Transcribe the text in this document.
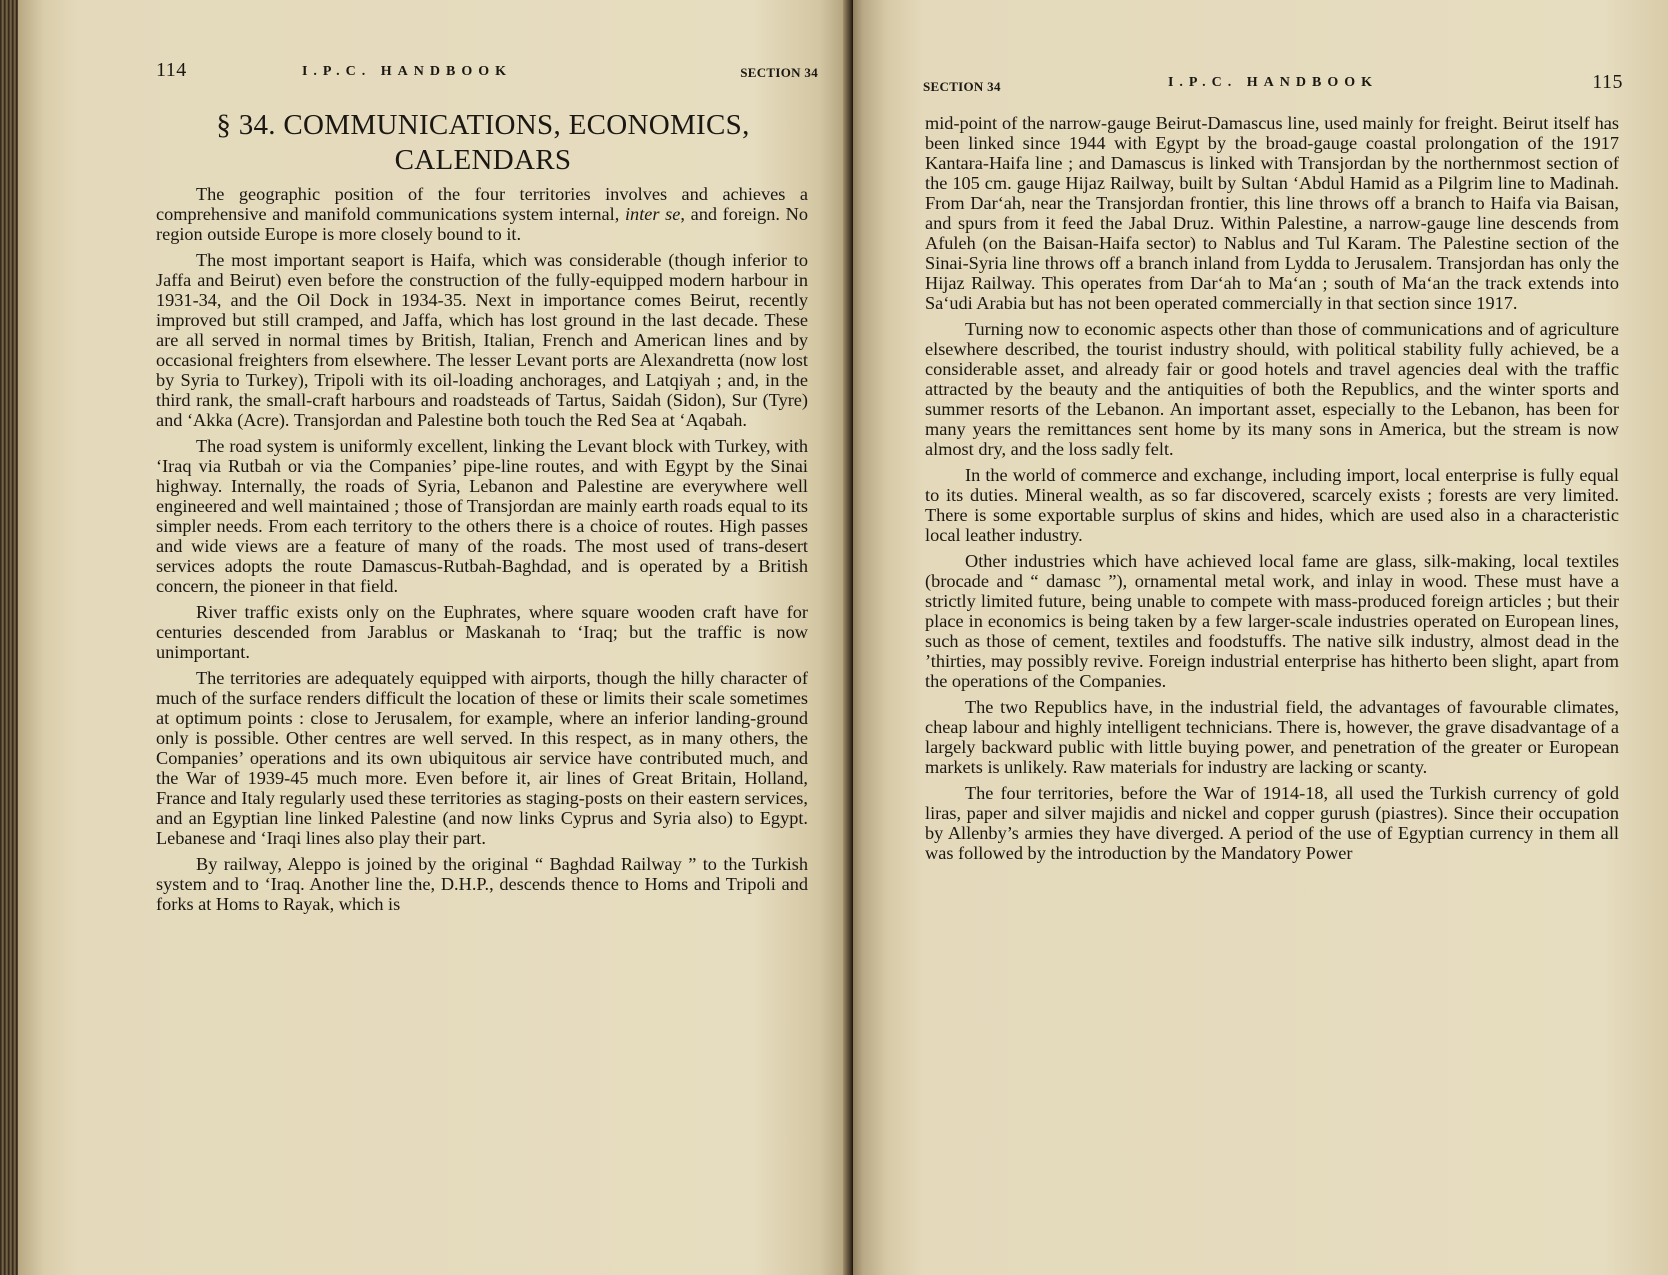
114	I.P.C. HANDBOOK	SECTION 34
§ 34. COMMUNICATIONS, ECONOMICS, CALENDARS

The geographic position of the four territories involves and achieves a comprehensive and manifold communications system internal, inter se, and foreign. No region outside Europe is more closely bound to it.

The most important seaport is Haifa, which was considerable (though inferior to Jaffa and Beirut) even before the construction of the fully-equipped modern harbour in 1931-34, and the Oil Dock in 1934-35. Next in importance comes Beirut, recently improved but still cramped, and Jaffa, which has lost ground in the last decade. These are all served in normal times by British, Italian, French and American lines and by occasional freighters from elsewhere. The lesser Levant ports are Alexandretta (now lost by Syria to Turkey), Tripoli with its oil-loading anchorages, and Latqiyah ; and, in the third rank, the small-craft harbours and roadsteads of Tartus, Saidah (Sidon), Sur (Tyre) and ‘Akka (Acre). Transjordan and Palestine both touch the Red Sea at ‘Aqabah.

The road system is uniformly excellent, linking the Levant block with Turkey, with ‘Iraq via Rutbah or via the Companies’ pipe-line routes, and with Egypt by the Sinai highway. Internally, the roads of Syria, Lebanon and Palestine are everywhere well engineered and well maintained ; those of Transjordan are mainly earth roads equal to its simpler needs. From each territory to the others there is a choice of routes. High passes and wide views are a feature of many of the roads. The most used of trans-desert services adopts the route Damascus-Rutbah-Baghdad, and is operated by a British concern, the pioneer in that field.

River traffic exists only on the Euphrates, where square wooden craft have for centuries descended from Jarablus or Maskanah to ‘Iraq; but the traffic is now unimportant.

The territories are adequately equipped with airports, though the hilly character of much of the surface renders difficult the location of these or limits their scale sometimes at optimum points : close to Jerusalem, for example, where an inferior landing-ground only is possible. Other centres are well served. In this respect, as in many others, the Companies’ operations and its own ubiquitous air service have contributed much, and the War of 1939-45 much more. Even before it, air lines of Great Britain, Holland, France and Italy regularly used these territories as staging-posts on their eastern services, and an Egyptian line linked Palestine (and now links Cyprus and Syria also) to Egypt. Lebanese and ‘Iraqi lines also play their part.

By railway, Aleppo is joined by the original “ Baghdad Railway ” to the Turkish system and to ‘Iraq. Another line the, D.H.P., descends thence to Homs and Tripoli and forks at Homs to Rayak, which is

SECTION 34	I.P.C. HANDBOOK	115

mid-point of the narrow-gauge Beirut-Damascus line, used mainly for freight. Beirut itself has been linked since 1944 with Egypt by the broad-gauge coastal prolongation of the 1917 Kantara-Haifa line ; and Damascus is linked with Transjordan by the northernmost section of the 105 cm. gauge Hijaz Railway, built by Sultan ‘Abdul Hamid as a Pilgrim line to Madinah. From Dar‘ah, near the Transjordan frontier, this line throws off a branch to Haifa via Baisan, and spurs from it feed the Jabal Druz. Within Palestine, a narrow-gauge line descends from Afuleh (on the Baisan-Haifa sector) to Nablus and Tul Karam. The Palestine section of the Sinai-Syria line throws off a branch inland from Lydda to Jerusalem. Transjordan has only the Hijaz Railway. This operates from Dar‘ah to Ma‘an ; south of Ma‘an the track extends into Sa‘udi Arabia but has not been operated commercially in that section since 1917.

Turning now to economic aspects other than those of communications and of agriculture elsewhere described, the tourist industry should, with political stability fully achieved, be a considerable asset, and already fair or good hotels and travel agencies deal with the traffic attracted by the beauty and the antiquities of both the Republics, and the winter sports and summer resorts of the Lebanon. An important asset, especially to the Lebanon, has been for many years the remittances sent home by its many sons in America, but the stream is now almost dry, and the loss sadly felt.

In the world of commerce and exchange, including import, local enterprise is fully equal to its duties. Mineral wealth, as so far discovered, scarcely exists ; forests are very limited. There is some exportable surplus of skins and hides, which are used also in a characteristic local leather industry.

Other industries which have achieved local fame are glass, silk-making, local textiles (brocade and “ damasc ”), ornamental metal work, and inlay in wood. These must have a strictly limited future, being unable to compete with mass-produced foreign articles ; but their place in economics is being taken by a few larger-scale industries operated on European lines, such as those of cement, textiles and foodstuffs. The native silk industry, almost dead in the ’thirties, may possibly revive. Foreign industrial enterprise has hitherto been slight, apart from the operations of the Companies.

The two Republics have, in the industrial field, the advantages of favourable climates, cheap labour and highly intelligent technicians. There is, however, the grave disadvantage of a largely backward public with little buying power, and penetration of the greater or European markets is unlikely. Raw materials for industry are lacking or scanty.

The four territories, before the War of 1914-18, all used the Turkish currency of gold liras, paper and silver majidis and nickel and copper gurush (piastres). Since their occupation by Allenby’s armies they have diverged. A period of the use of Egyptian currency in them all was followed by the introduction by the Mandatory Power
